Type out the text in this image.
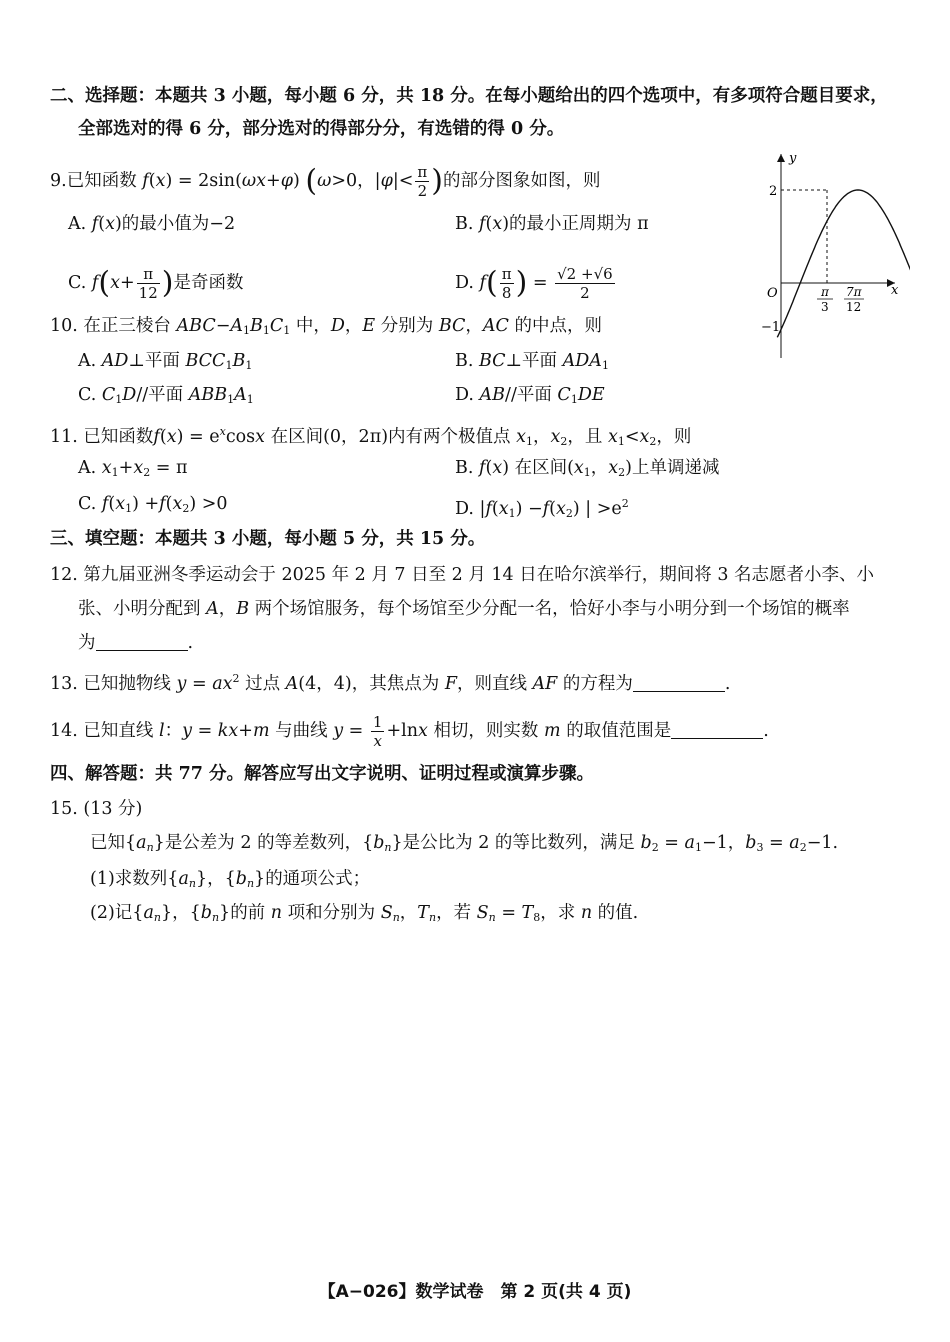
二、选择题：本题共 3 小题，每小题 6 分，共 18 分。在每小题给出的四个选项中，有多项符合题目要求，
全部选对的得 6 分，部分选对的得部分分，有选错的得 0 分。
9.已知函数 f(x) = 2sin(ωx+φ) (ω>0，$|\varphi|< \frac{\pi}{2}$ )的部分图象如图，则
A. f(x)的最小值为−2	B. f(x)的最小正周期为 π
C. $f(x+ \frac{\pi}{12}$ )是奇函数	D. $f( \frac{\pi}{8}$ ) = $\frac{√2 +√6}{2}$
y
x
O
2
−1
π
3
7π
12
10. 在正三棱台 $ABC-A_1B_1C_1$ 中，D，E 分别为 BC，AC 的中点，则
A. AD⊥平面 $BCC_1B_1$	B. BC⊥平面 $ADA_1$
C. $C_1D//$平面 $ABB_1A_1$	D. AB//平面 $C_1DE$
11. 已知函数$f(x) = e^x\cos x$ 在区间(0，2π)内有两个极值点 $x_1$，$x_2$，且 $x_1<x_2$，则
A. $x_1+x_2 = \pi$	B. f(x) 在区间($x_1$，$x_2$)上单调递减
C. $f(x_1) +f(x_2) >0$	D. $|f(x_1) -f(x_2)$ | $>e^2$
三、填空题：本题共 3 小题，每小题 5 分，共 15 分。
12. 第九届亚洲冬季运动会于 2025 年 2 月 7 日至 2 月 14 日在哈尔滨举行，期间将 3 名志愿者小李、小
张、小明分配到 A，B 两个场馆服务，每个场馆至少分配一名，恰好小李与小明分到一个场馆的概率
为	.
13. 已知抛物线 $y = ax^2$ 过点 A(4，4)，其焦点为 F，则直线 AF 的方程为	.
14. 已知直线 l：y = kx+m 与曲线 $y = \frac{1}{x} +\ln x$ 相切，则实数 m 的取值范围是	.
四、解答题：共 77 分。解答应写出文字说明、证明过程或演算步骤。
15. (13 分)
已知$\{a_n\}$是公差为 2 的等差数列，$\{b_n\}$是公比为 2 的等比数列，满足 $b_2 = a_1-1$，$b_3 = a_2-1$.
(1)求数列$\{a_n\}$，$\{b_n\}$的通项公式；
(2)记$\{a_n\}$，$\{b_n\}$的前 n 项和分别为 $S_n$，$T_n$，若 $S_n = T_8$，求 n 的值.
【A−026】数学试卷　第 2 页(共 4 页)
